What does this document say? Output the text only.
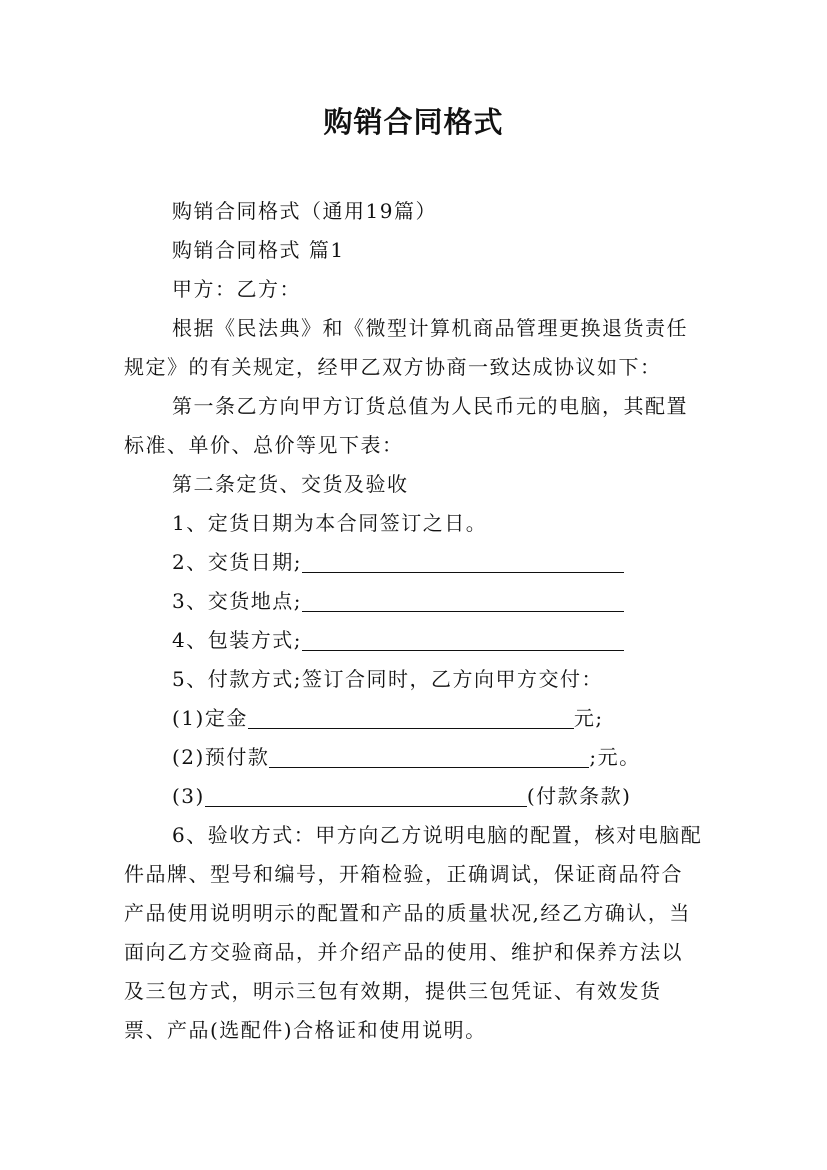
购销合同格式

购销合同格式（通用19篇）

购销合同格式 篇1

甲方：乙方：

根据《民法典》和《微型计算机商品管理更换退货责任规定》的有关规定，经甲乙双方协商一致达成协议如下：

第一条乙方向甲方订货总值为人民币元的电脑，其配置标准、单价、总价等见下表：

第二条定货、交货及验收

1、定货日期为本合同签订之日。

2、交货日期;

3、交货地点;

4、包装方式;

5、付款方式;签订合同时，乙方向甲方交付：

(1)定金	元;

(2)预付款	;元。

(3)	(付款条款)

6、验收方式：甲方向乙方说明电脑的配置，核对电脑配件品牌、型号和编号，开箱检验，正确调试，保证商品符合产品使用说明明示的配置和产品的质量状况,经乙方确认，当面向乙方交验商品，并介绍产品的使用、维护和保养方法以及三包方式，明示三包有效期，提供三包凭证、有效发货票、产品(选配件)合格证和使用说明。
